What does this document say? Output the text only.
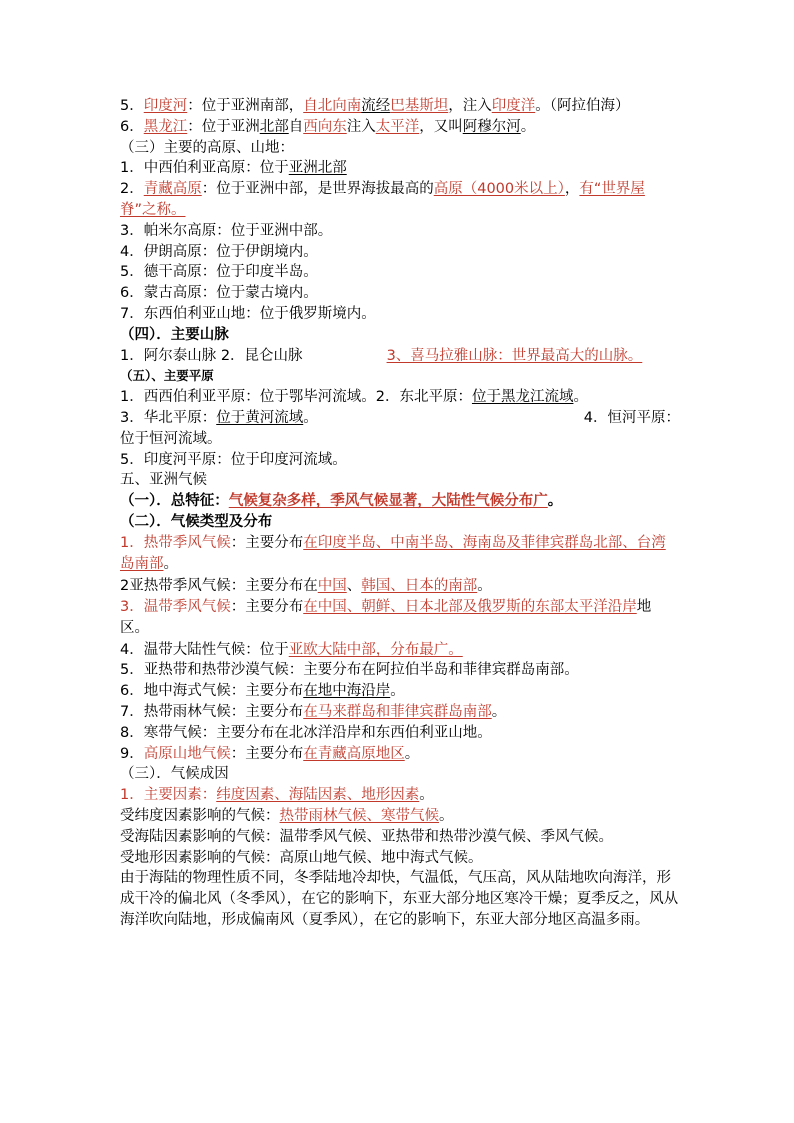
5．印度河：位于亚洲南部，自北向南流经巴基斯坦，注入印度洋。（阿拉伯海）
6．黑龙江：位于亚洲北部自西向东注入太平洋，又叫阿穆尔河。
（三）主要的高原、山地：
1．中西伯利亚高原：位于亚洲北部
2．青藏高原：位于亚洲中部，是世界海拔最高的高原（4000米以上），有“世界屋脊”之称。
3．帕米尔高原：位于亚洲中部。
4．伊朗高原：位于伊朗境内。
5．德干高原：位于印度半岛。
6．蒙古高原：位于蒙古境内。
7．东西伯利亚山地：位于俄罗斯境内。
（四）．主要山脉
1．阿尔泰山脉 2．昆仑山脉	3、喜马拉雅山脉：世界最高大的山脉。
（五）、主要平原
1．西西伯利亚平原：位于鄂毕河流域。2．东北平原：位于黑龙江流域。
3．华北平原：位于黄河流域。	4．恒河平原：
位于恒河流域。
5．印度河平原：位于印度河流域。
五、亚洲气候
（一）．总特征：气候复杂多样，季风气候显著，大陆性气候分布广。
（二）．气候类型及分布
1．热带季风气候：主要分布在印度半岛、中南半岛、海南岛及菲律宾群岛北部、台湾岛南部。
2亚热带季风气候：主要分布在中国、韩国、日本的南部。
3．温带季风气候：主要分布在中国、朝鲜、日本北部及俄罗斯的东部太平洋沿岸地区。
4．温带大陆性气候：位于亚欧大陆中部，分布最广。
5．亚热带和热带沙漠气候：主要分布在阿拉伯半岛和菲律宾群岛南部。
6．地中海式气候：主要分布在地中海沿岸。
7．热带雨林气候：主要分布在马来群岛和菲律宾群岛南部。
8．寒带气候：主要分布在北冰洋沿岸和东西伯利亚山地。
9．高原山地气候：主要分布在青藏高原地区。
（三）．气候成因
1．主要因素：纬度因素、海陆因素、地形因素。
受纬度因素影响的气候：热带雨林气候、寒带气候。
受海陆因素影响的气候：温带季风气候、亚热带和热带沙漠气候、季风气候。
受地形因素影响的气候：高原山地气候、地中海式气候。
由于海陆的物理性质不同，冬季陆地冷却快，气温低，气压高，风从陆地吹向海洋，形成干冷的偏北风（冬季风），在它的影响下，东亚大部分地区寒冷干燥；夏季反之，风从海洋吹向陆地，形成偏南风（夏季风），在它的影响下，东亚大部分地区高温多雨。
